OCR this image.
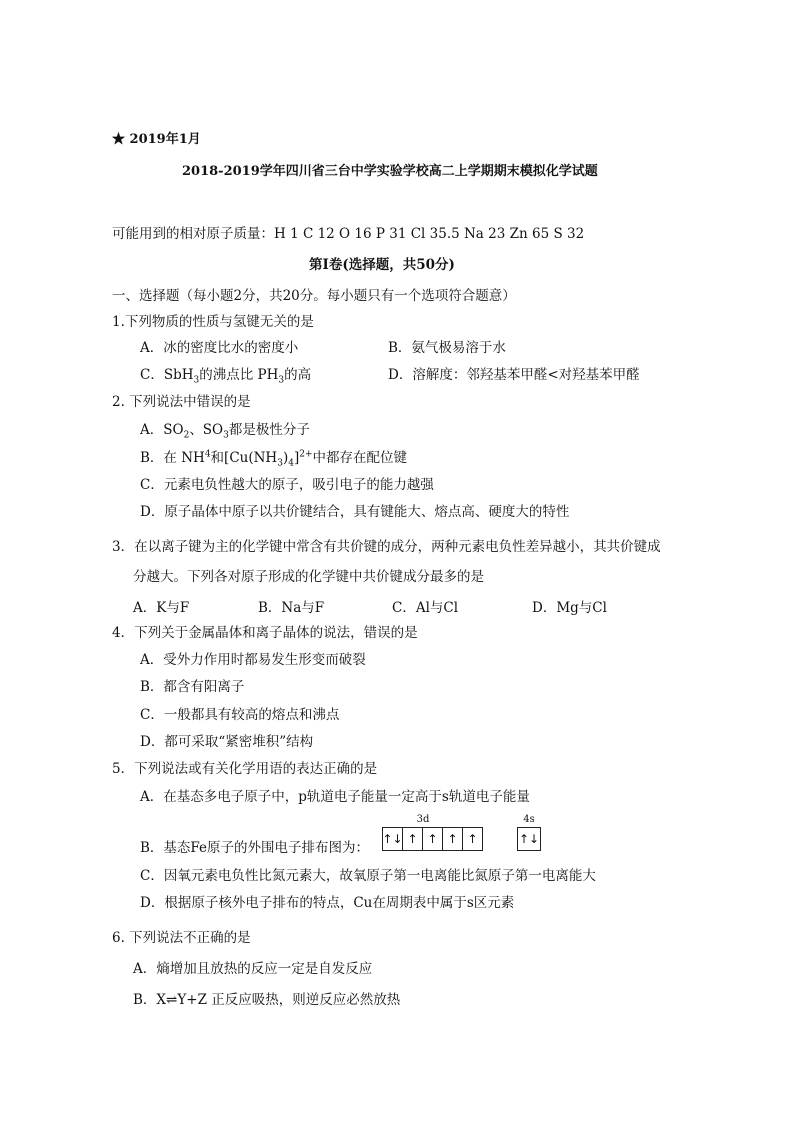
★ 2019年1月
2018-2019学年四川省三台中学实验学校高二上学期期末模拟化学试题
可能用到的相对原子质量：H 1 C 12 O 16 P 31 Cl 35.5 Na 23 Zn 65 S 32
第Ⅰ卷(选择题，共50分)
一、选择题（每小题2分，共20分。每小题只有一个选项符合题意）
1.下列物质的性质与氢键无关的是
A．冰的密度比水的密度小	B．氨气极易溶于水
C．SbH$_3$的沸点比 $PH_3$的高	D．溶解度：邻羟基苯甲醛<对羟基苯甲醛
2. 下列说法中错误的是
A．$SO_2$、$SO_3$都是极性分子
B．在 $NH^4$和$[Cu(NH_3)_4]^{2+}$中都存在配位键
C．元素电负性越大的原子，吸引电子的能力越强
D．原子晶体中原子以共价键结合，具有键能大、熔点高、硬度大的特性
3．在以离子键为主的化学键中常含有共价键的成分，两种元素电负性差异越小，其共价键成
分越大。下列各对原子形成的化学键中共价键成分最多的是
A．K与F	B．Na与F	C．Al与Cl	D．Mg与Cl
4．下列关于金属晶体和离子晶体的说法，错误的是
A．受外力作用时都易发生形变而破裂
B．都含有阳离子
C．一般都具有较高的熔点和沸点
D．都可采取“紧密堆积”结构
5．下列说法或有关化学用语的表达正确的是
A．在基态多电子原子中，p轨道电子能量一定高于s轨道电子能量
B．基态Fe原子的外围电子排布图为：
3d	4s
↑↓ ↑ ↑ ↑ ↑	↑↓
C．因氧元素电负性比氮元素大，故氧原子第一电离能比氮原子第一电离能大
D．根据原子核外电子排布的特点，Cu在周期表中属于s区元素
6. 下列说法不正确的是
A．熵增加且放热的反应一定是自发反应
B．X⇌Y+Z 正反应吸热，则逆反应必然放热
